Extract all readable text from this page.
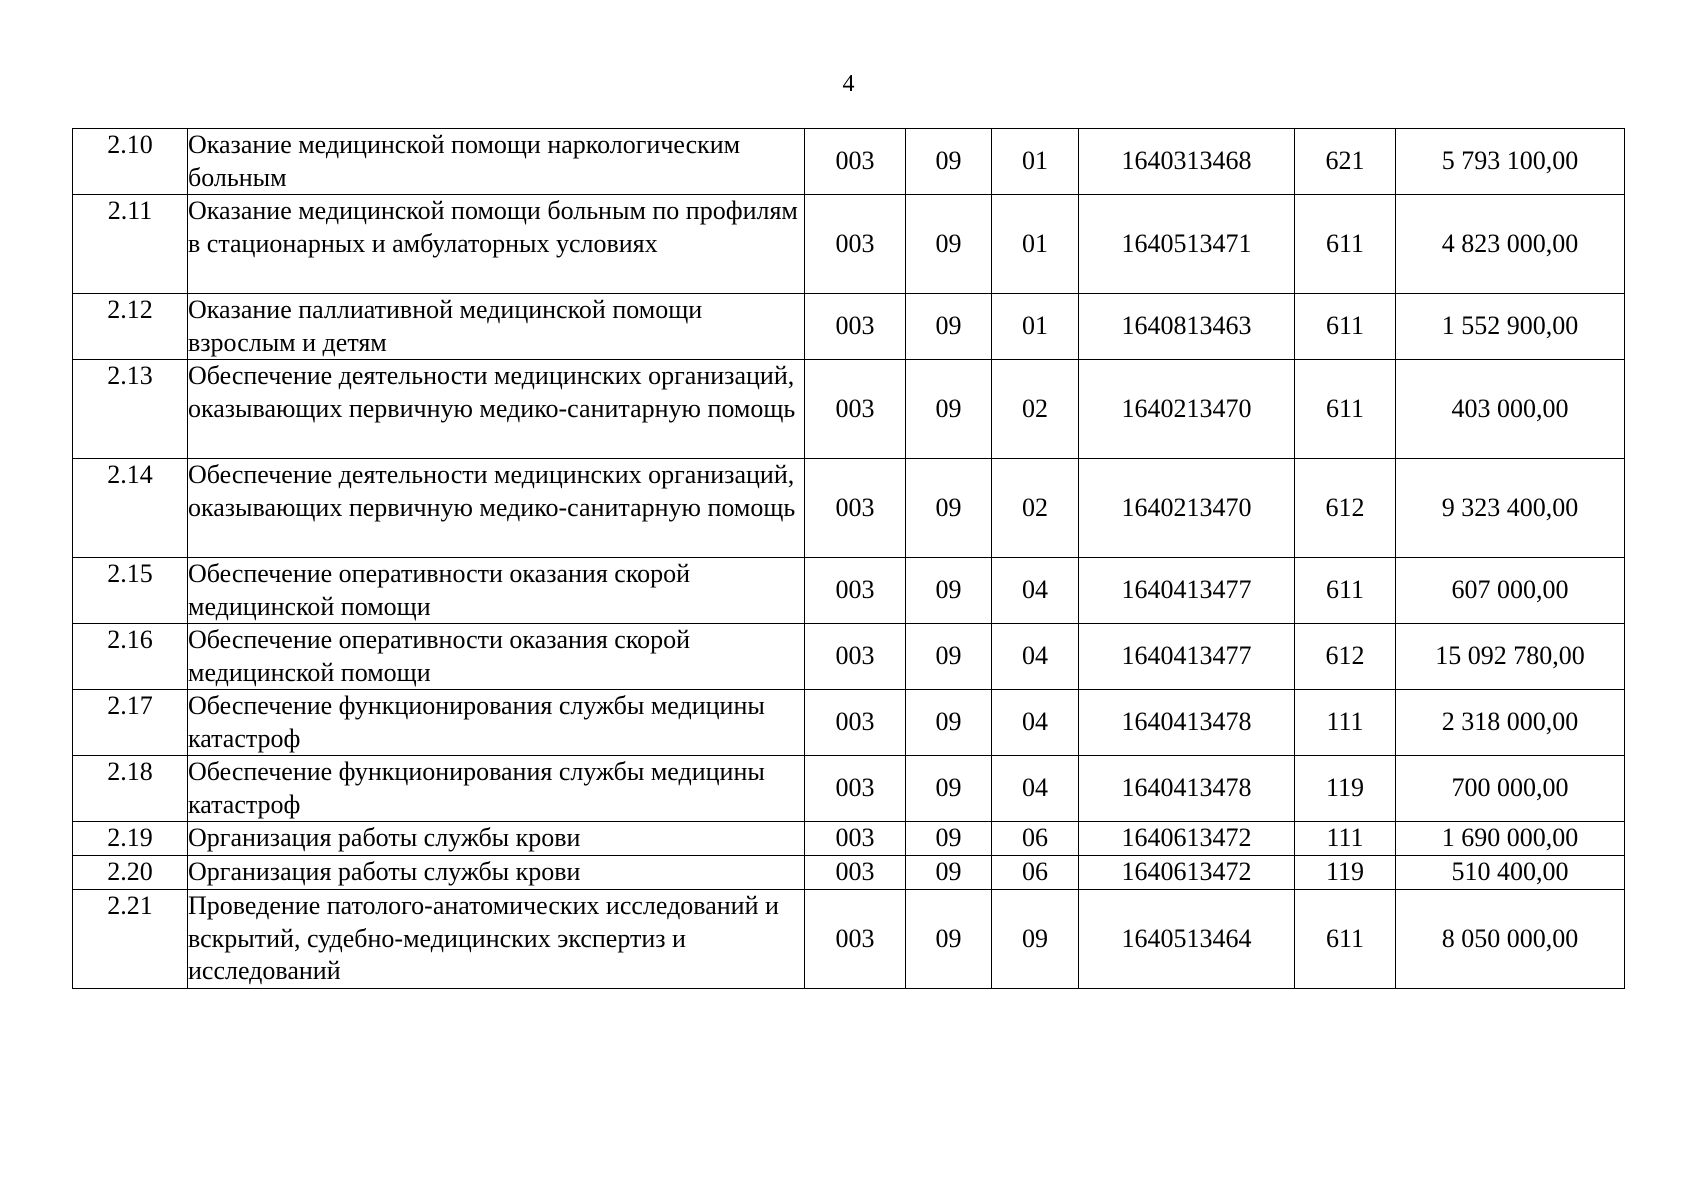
4
2.10	Оказание медицинской помощи наркологическим больным	003	09	01	1640313468	621	5 793 100,00
2.11	Оказание медицинской помощи больным по профилям в стационарных и амбулаторных условиях	003	09	01	1640513471	611	4 823 000,00
2.12	Оказание паллиативной медицинской помощи взрослым и детям	003	09	01	1640813463	611	1 552 900,00
2.13	Обеспечение деятельности медицинских организаций, оказывающих первичную медико-санитарную помощь	003	09	02	1640213470	611	403 000,00
2.14	Обеспечение деятельности медицинских организаций, оказывающих первичную медико-санитарную помощь	003	09	02	1640213470	612	9 323 400,00
2.15	Обеспечение оперативности оказания скорой медицинской помощи	003	09	04	1640413477	611	607 000,00
2.16	Обеспечение оперативности оказания скорой медицинской помощи	003	09	04	1640413477	612	15 092 780,00
2.17	Обеспечение функционирования службы медицины катастроф	003	09	04	1640413478	111	2 318 000,00
2.18	Обеспечение функционирования службы медицины катастроф	003	09	04	1640413478	119	700 000,00
2.19	Организация работы службы крови	003	09	06	1640613472	111	1 690 000,00
2.20	Организация работы службы крови	003	09	06	1640613472	119	510 400,00
2.21	Проведение патолого-анатомических исследований и вскрытий, судебно-медицинских экспертиз и исследований	003	09	09	1640513464	611	8 050 000,00
